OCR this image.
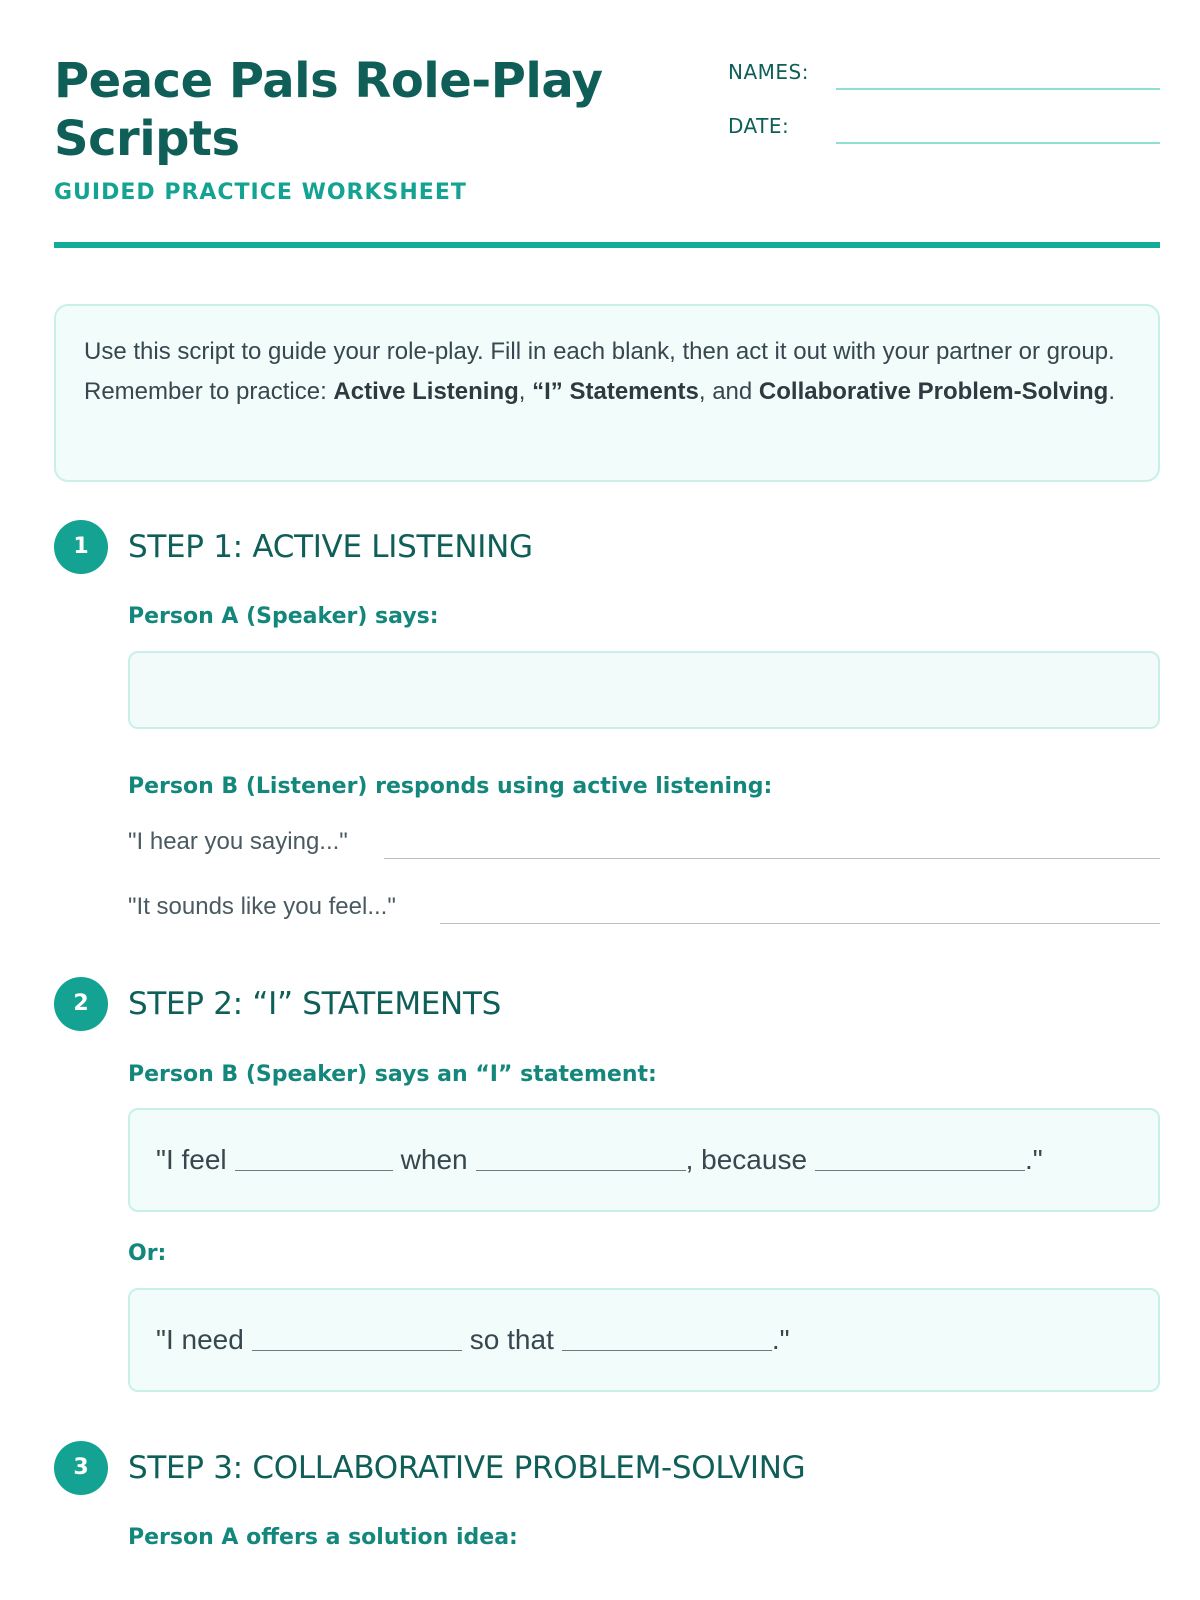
Peace Pals Role-Play Scripts
GUIDED PRACTICE WORKSHEET
NAMES:
DATE:
Use this script to guide your role-play. Fill in each blank, then act it out with your partner or group. Remember to practice: Active Listening, “I” Statements, and Collaborative Problem-Solving.
1	STEP 1: ACTIVE LISTENING
Person A (Speaker) says:
Person B (Listener) responds using active listening:
"I hear you saying..."
"It sounds like you feel..."
2	STEP 2: “I” STATEMENTS
Person B (Speaker) says an “I” statement:
"I feel	when	, because	."
Or:
"I need	so that	."
3	STEP 3: COLLABORATIVE PROBLEM-SOLVING
Person A offers a solution idea:
